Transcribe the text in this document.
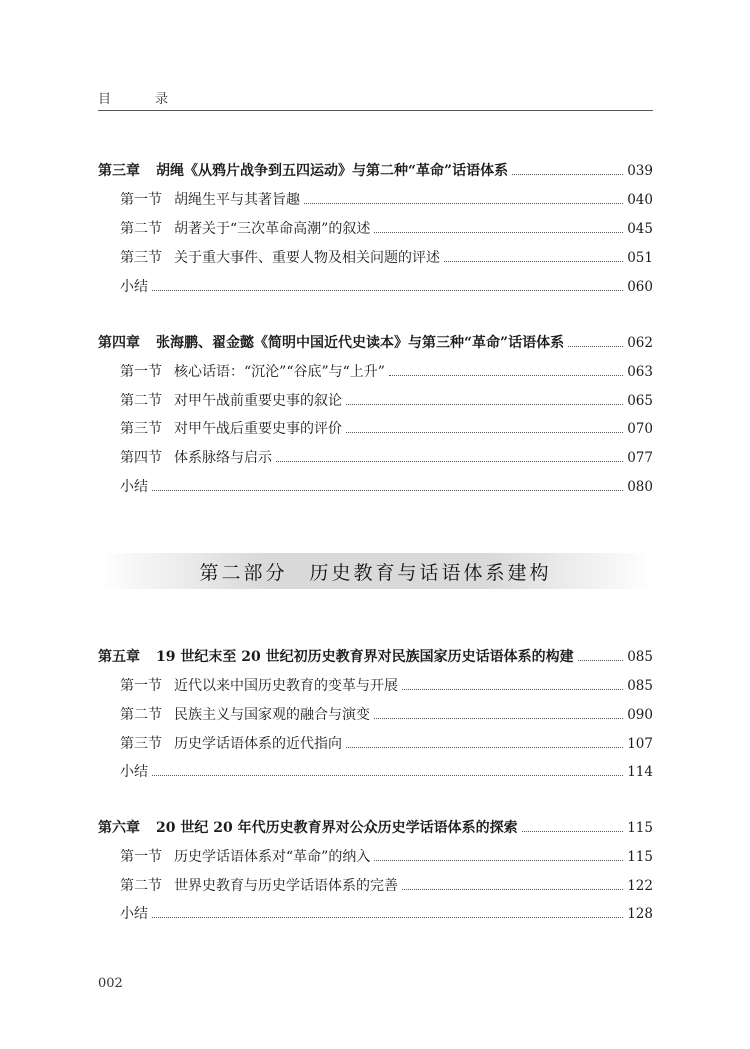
目 录
第三章 胡绳《从鸦片战争到五四运动》与第二种“革命”话语体系	039
第一节 胡绳生平与其著旨趣	040
第二节 胡著关于“三次革命高潮”的叙述	045
第三节 关于重大事件、重要人物及相关问题的评述	051
小结	060
第四章 张海鹏、翟金懿《简明中国近代史读本》与第三种“革命”话语体系	062
第一节 核心话语：“沉沦”“谷底”与“上升”	063
第二节 对甲午战前重要史事的叙论	065
第三节 对甲午战后重要史事的评价	070
第四节 体系脉络与启示	077
小结	080
第二部分　历史教育与话语体系建构
第五章 19 世纪末至 20 世纪初历史教育界对民族国家历史话语体系的构建	085
第一节 近代以来中国历史教育的变革与开展	085
第二节 民族主义与国家观的融合与演变	090
第三节 历史学话语体系的近代指向	107
小结	114
第六章 20 世纪 20 年代历史教育界对公众历史学话语体系的探索	115
第一节 历史学话语体系对“革命”的纳入	115
第二节 世界史教育与历史学话语体系的完善	122
小结	128
002
